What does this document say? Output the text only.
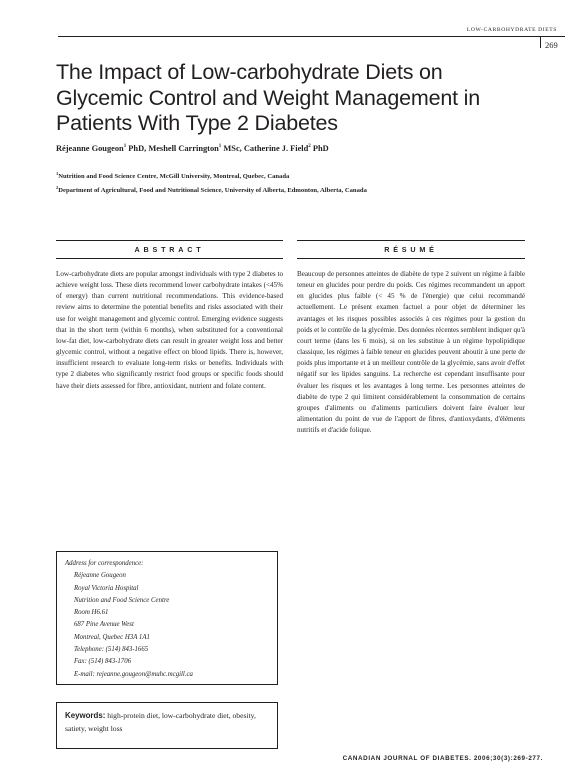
LOW-CARBOHYDRATE DIETS
269
The Impact of Low-carbohydrate Diets on Glycemic Control and Weight Management in Patients With Type 2 Diabetes
Réjeanne Gougeon$^1$ PhD, Meshell Carrington$^1$ MSc, Catherine J. Field$^2$ PhD
$^1$Nutrition and Food Science Centre, McGill University, Montreal, Quebec, Canada
$^2$Department of Agricultural, Food and Nutritional Science, University of Alberta, Edmonton, Alberta, Canada
ABSTRACT
Low-carbohydrate diets are popular amongst individuals with type 2 diabetes to achieve weight loss. These diets recommend lower carbohydrate intakes (<45% of energy) than current nutritional recommendations. This evidence-based review aims to determine the potential benefits and risks associated with their use for weight management and glycemic control. Emerging evidence suggests that in the short term (within 6 months), when substituted for a conventional low-fat diet, low-carbohydrate diets can result in greater weight loss and better glycemic control, without a negative effect on blood lipids. There is, however, insufficient research to evaluate long-term risks or benefits. Individuals with type 2 diabetes who significantly restrict food groups or specific foods should have their diets assessed for fibre, antioxidant, nutrient and folate content.
RÉSUMÉ
Beaucoup de personnes atteintes de diabète de type 2 suivent un régime à faible teneur en glucides pour perdre du poids. Ces régimes recommandent un apport en glucides plus faible (< 45 % de l'énergie) que celui recommandé actuellement. Le présent examen factuel a pour objet de déterminer les avantages et les risques possibles associés à ces régimes pour la gestion du poids et le contrôle de la glycémie. Des données récentes semblent indiquer qu'à court terme (dans les 6 mois), si on les substitue à un régime hypolipidique classique, les régimes à faible teneur en glucides peuvent aboutir à une perte de poids plus importante et à un meilleur contrôle de la glycémie, sans avoir d'effet négatif sur les lipides sanguins. La recherche est cependant insuffisante pour évaluer les risques et les avantages à long terme. Les personnes atteintes de diabète de type 2 qui limitent considérablement la consommation de certains groupes d'aliments ou d'aliments particuliers doivent faire évaluer leur alimentation du point de vue de l'apport de fibres, d'antioxydants, d'éléments nutritifs et d'acide folique.
Address for correspondence:
Réjeanne Gougeon
Royal Victoria Hospital
Nutrition and Food Science Centre
Room H6.61
687 Pine Avenue West
Montreal, Quebec H3A 1A1
Telephone: (514) 843-1665
Fax: (514) 843-1706
E-mail: rejeanne.gougeon@muhc.mcgill.ca
Keywords: high-protein diet, low-carbohydrate diet, obesity, satiety, weight loss
CANADIAN JOURNAL OF DIABETES. 2006;30(3):269-277.
